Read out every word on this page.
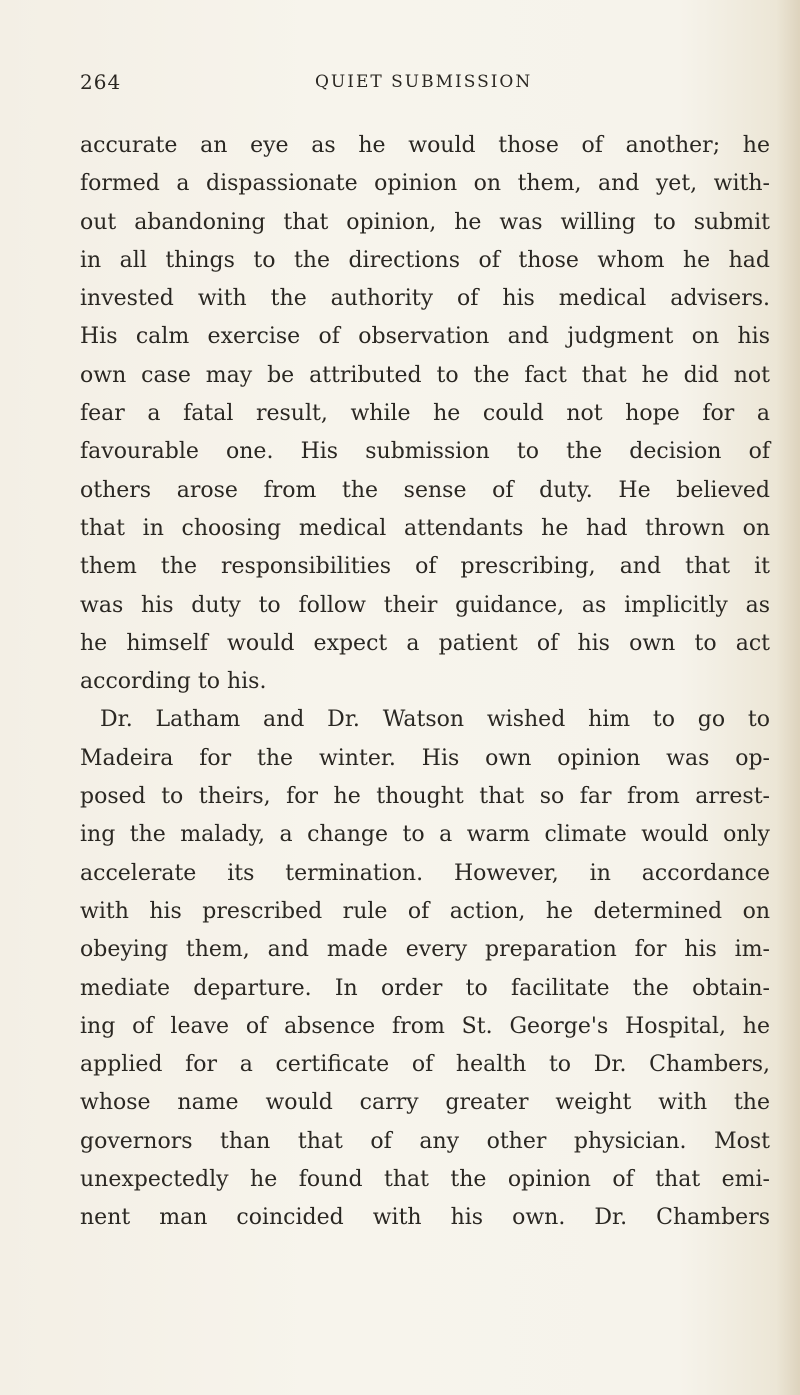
264	QUIET SUBMISSION
accurate an eye as he would those of another; he
formed a dispassionate opinion on them, and yet, with-
out abandoning that opinion, he was willing to submit
in all things to the directions of those whom he had
invested with the authority of his medical advisers.
His calm exercise of observation and judgment on his
own case may be attributed to the fact that he did not
fear a fatal result, while he could not hope for a
favourable one. His submission to the decision of
others arose from the sense of duty. He believed
that in choosing medical attendants he had thrown on
them the responsibilities of prescribing, and that it
was his duty to follow their guidance, as implicitly as
he himself would expect a patient of his own to act
according to his.
Dr. Latham and Dr. Watson wished him to go to
Madeira for the winter. His own opinion was op-
posed to theirs, for he thought that so far from arrest-
ing the malady, a change to a warm climate would only
accelerate its termination. However, in accordance
with his prescribed rule of action, he determined on
obeying them, and made every preparation for his im-
mediate departure. In order to facilitate the obtain-
ing of leave of absence from St. George's Hospital, he
applied for a certificate of health to Dr. Chambers,
whose name would carry greater weight with the
governors than that of any other physician. Most
unexpectedly he found that the opinion of that emi-
nent man coincided with his own. Dr. Chambers
